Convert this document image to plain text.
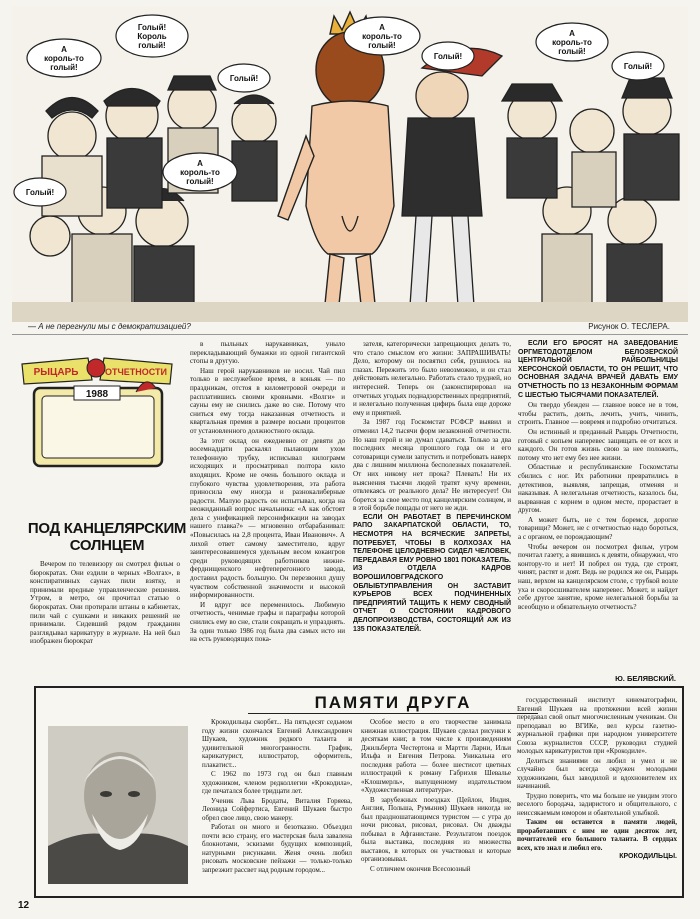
А король-то голый!
Голый! Король голый!
Голый!
А король-то голый!
Голый!
Голый!
А король-то голый!
А король-то голый!
Голый!
— А не перегнули мы с демократизацией?	Рисунок О. ТЕСЛЕРА.
РЫЦАРЬ	ОТЧЕТНОСТИ
1988
ПОД КАНЦЕЛЯРСКИМ СОЛНЦЕМ

Вечером по телевизору он смотрел фильм о бюрократах. Они ездили в черных «Волгах», в конспиративных саунах пили взятку, и принимали вредные управленческие решения. Утром, в метро, он прочитал статью о бюрократах. Они протирали штаны в кабинетах, пили чай с сушками и никаких решений не принимали. Сидевший рядом гражданин разглядывал карикатуру в журнале. На ней был изображен бюрократ

в пыльных нарукавниках, уныло перекладывающий бумажки из одной гигантской стопы в другую.

Наш герой нарукавников не носил. Чай пил только в неслужебное время, в коньяк — по праздникам, отстоя в километровой очереди и расплатившись своими кровными. «Волги» и сауны ему не снились даже во сне. Потому что сниться ему тогда наказанная отчетность и квартальная премия в размере восьми процентов от установленного должностного оклада.

За этот оклад он ежедневно от девяти до восемнадцати раскалял пылающим ухом телефонную трубку, исписывал килограмм исходящих и просматривал полтора кило входящих. Кроме не очень большого оклада и глубокого чувства удовлетворения, эта работа приносила ему иногда и разнокалиберные радости. Малую радость он испытывал, когда на неожиданный вопрос начальника: «А как обстоят дела с унификацией персонификации на заводах нашего главка?» — мгновенно отбарабанивал: «Повысилась на 2,8 процента, Иван Ивaнович». А лихой ответ самому заместителю, вдруг заинтересовавшемуся удельным весом кокаигров среди руководящих работников нижне-ферднищенского нефтеперегонного завода, доставил радость большую. Он перезвонил душу чувством собственной значимости и высокой информированности.

И вдруг все переменилось. Любимую отчетность, ченимые графы и параграфы которой снились ему во сне, стали сокращать и упразднять. За один только 1986 год была два самых исто ни на есть руководящих пока-

зателя, категорически запрещающих делать то, что стало смыслом его жизни: ЗАПРАШИВАТЬ! Дело, которому он посвятил себя, рушилось на глазах. Пережить это было невозможно, и он стал действовать нелегально. Работать стало трудней, но интересней. Теперь он (законспирировал на отчетных угодьях поднадзорственных предприятий, и нелегально полученная цифирь была еще дороже ему и приятней.

За 1987 год Госкомстат РСФСР выявил и отменил 14,2 тысячи форм незаконной отчетности. Но наш герой и не думал сдаваться. Только за два последних месяца прошлого года он и его сотоварищи сумели запустить и потребовать наверх два с лишним миллиона бесполезных показателей. От них никому нет прока? Плевать! Ни их выяснения тысячи людей тратят кучу времени, отвлекаясь от реального дела? Не интересует! Он борется за свое место под канцелярским солнцем, и в этой борьбе пощады от него не жди.

ЕСЛИ ОН РАБОТАЕТ В ПЕРЕЧИНСКОМ РАПО ЗАКАРПАТСКОЙ ОБЛАСТИ, ТО, НЕСМОТРЯ НА ВСЯЧЕСКИЕ ЗАПРЕТЫ, ПОТРЕБУЕТ, ЧТОБЫ В КОЛХОЗАХ НА ТЕЛЕФОНЕ ЦЕЛОДНЕВНО СИДЕЛ ЧЕЛОВЕК, ПЕРЕДАВАЯ ЕМУ РОВНО 1801 ПОКАЗАТЕЛЬ. ИЗ ОТДЕЛА КАДРОВ ВОРОШИЛОВГРАДСКОГО ОБЛЫБТУПРАВЛЕНИЯ ОН ЗАСТАВИТ КУРЬЕРОВ ВСЕХ ПОДЧИНЕННЫХ ПРЕДПРИЯТИЙ ТАЩИТЬ К НЕМУ СВОДНЫЙ ОТЧЕТ О СОСТОЯНИИ КАДРОВОГО ДЕЛОПРОИЗВОДСТВА, СОСТОЯЩИЙ АЖ ИЗ 135 ПОКАЗАТЕЛЕЙ.

ЕСЛИ ЕГО БРОСЯТ НА ЗАВЕДОВАНИЕ ОРГМЕТОДОТДЕЛОМ БЕЛОЗЕРСКОЙ ЦЕНТРАЛЬНОЙ РАЙБОЛЬНИЦЫ ХЕРСОНСКОЙ ОБЛАСТИ, ТО ОН РЕШИТ, ЧТО ОСНОВНАЯ ЗАДАЧА ВРАЧЕЙ ДАВАТЬ ЕМУ ОТЧЕТНОСТЬ ПО 13 НЕЗАКОННЫМ ФОРМАМ С ШЕСТЬЮ ТЫСЯЧАМИ ПОКАЗАТЕЛЕЙ.

Он твердо убежден — главное вовсе не в том, чтобы растить, доить, лечить, учить, чинить, строить. Главное — вовремя и подробно отчитаться.

Он истинный и преданный Рыцарь Отчетности, готовый с копьем наперевес защищать ее от всех и каждого. Он готов жизнь свою за нее положить, потому что нет ему без нее жизни.

Областные и республиканские Госкомстаты сбились с ног. Их работники превратились в детективов, выявляя, запрещая, отменяя и наказывая. А нелегальная отчетность, казалось бы, вырванная с корнем в одном месте, прорастает в другом.

А может быть, не с тем боремся, дорогие товарищи? Может, не с отчетностью надо бороться, а с органом, ее порождающим?

Чтобы вечером он посмотрел фильм, утром почитал газету, а явившись к девяти, обнаружил, что контору-то и нет! И побрел он туда, где строят, чинят, растят и доят. Ведь не родился же он, Рыцарь наш, верхом на канцелярском столе, с трубкой возле уха и скоросшивателем наперевес. Может, и найдет себе другое занятие, кроме нелегальной борьбы за всеобщую и обязательную отчетность?

Ю. БЕЛЯВСКИЙ.
ПАМЯТИ ДРУГА

Крокодильцы скорбят... На пятьдесят седьмом году жизни скончался Евгений Александрович Шукаев, художник редкого таланта и удивительной многогранности. График, карикатурист, иллюстратор, оформитель, плакатист...

С 1962 по 1973 год он был главным художником, членом редколлегии «Крокодила», где печатался более тридцати лет.

Ученик Льва Бродаты, Виталия Горяева, Леонида Сойфертиса, Евгений Шукаев быстро обрел свое лицо, свою манеру.

Работал он много и безотказно. Объездил почти всю страну, его мастерская была завалена блокнотами, эскизами будущих композиций, натурными рисунками. Женя очень любил рисовать московские пейзажи — только-только запрезжит рассвет над родным городом...

Особое место в его творчестве занимала книжная иллюстрация. Шукаев сделал рисунки к десяткам книг, в том числе к произведениям Джильберта Честертона и Мартти Ларни, Ильи Ильфа и Евгения Петрова. Уникальна его последняя работа — более шестисот цветных иллюстраций к роману Габриэля Шевалье «Клошмерль», выпущенному издательством «Художественная литература».

В зарубежных поездках (Цейлон, Индия, Англия, Польша, Румыния) Шукаев никогда не был праздношатающимся туристом — с утра до ночи рисовал, рисовал, рисовал. Он дважды побывал в Афганистане. Результатом поездок была выставка, последняя из множества выставок, в которых он участвовал и которые организовывал.

С отличием окончив Всесоюзный

государственный институт кинематографии, Евгений Шукаев на протяжении всей жизни передавал свой опыт многочисленным ученикам. Он преподавал во ВГИКе, вел курсы газетно-журнальной графики при народном университете Союза журналистов СССР, руководил студией молодых карикатуристов при «Крокодиле».

Делиться знаниями он любил и умел и не случайно был всегда окружен молодыми художниками, был заводилой и вдохновителем их начинаний.

Трудно поверить, что мы больше не увидим этого веселого бородача, задиристого и общительного, с неиссякаемым юмором и обаятельной улыбкой.

Таким он останется в памяти людей, проработавших с ним не один десяток лет, почитателей его большого таланта. В сердцах всех, кто знал и любил его.

КРОКОДИЛЬЦЫ.

12
